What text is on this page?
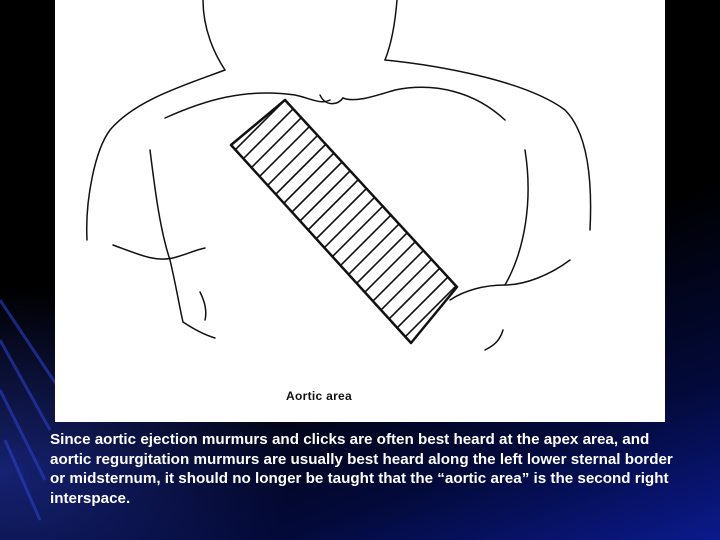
Aortic area
Since aortic ejection murmurs and clicks are often best heard at the apex area, and aortic regurgitation murmurs are usually best heard along the left lower sternal border or midsternum, it should no longer be taught that the “aortic area” is the second right interspace.
